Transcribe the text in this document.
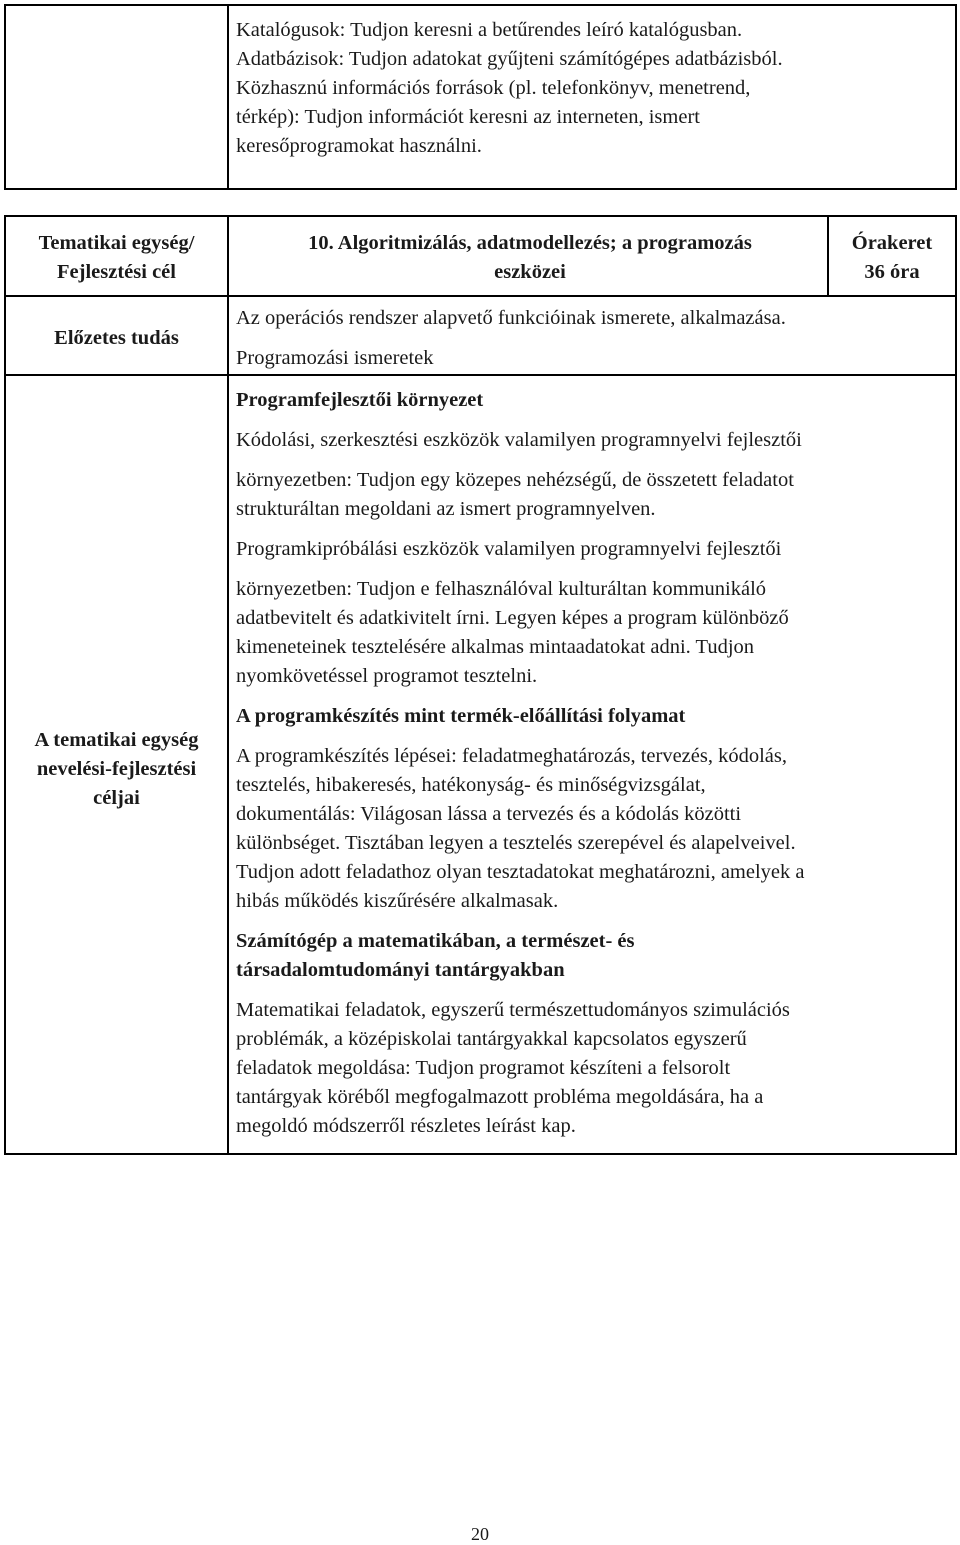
Katalógusok: Tudjon keresni a betűrendes leíró katalógusban.
Adatbázisok: Tudjon adatokat gyűjteni számítógépes adatbázisból.
Közhasznú információs források (pl. telefonkönyv, menetrend,
térkép): Tudjon információt keresni az interneten, ismert
keresőprogramokat használni.
Tematikai egység/
Fejlesztési cél
Előzetes tudás
A tematikai egység
nevelési-fejlesztési
céljai
10. Algoritmizálás, adatmodellezés; a programozás
eszközei
Órakeret
36 óra
Az operációs rendszer alapvető funkcióinak ismerete, alkalmazása.
Programozási ismeretek
Programfejlesztői környezet
Kódolási, szerkesztési eszközök valamilyen programnyelvi fejlesztői
környezetben: Tudjon egy közepes nehézségű, de összetett feladatot
strukturáltan megoldani az ismert programnyelven.
Programkipróbálási eszközök valamilyen programnyelvi fejlesztői
környezetben: Tudjon e felhasználóval kulturáltan kommunikáló
adatbevitelt és adatkivitelt írni. Legyen képes a program különböző
kimeneteinek tesztelésére alkalmas mintaadatokat adni. Tudjon
nyomkövetéssel programot tesztelni.
A programkészítés mint termék-előállítási folyamat
A programkészítés lépései: feladatmeghatározás, tervezés, kódolás,
tesztelés, hibakeresés, hatékonyság- és minőségvizsgálat,
dokumentálás: Világosan lássa a tervezés és a kódolás közötti
különbséget. Tisztában legyen a tesztelés szerepével és alapelveivel.
Tudjon adott feladathoz olyan tesztadatokat meghatározni, amelyek a
hibás működés kiszűrésére alkalmasak.
Számítógép a matematikában, a természet- és
társadalomtudományi tantárgyakban
Matematikai feladatok, egyszerű természettudományos szimulációs
problémák, a középiskolai tantárgyakkal kapcsolatos egyszerű
feladatok megoldása: Tudjon programot készíteni a felsorolt
tantárgyak köréből megfogalmazott probléma megoldására, ha a
megoldó módszerről részletes leírást kap.
20
